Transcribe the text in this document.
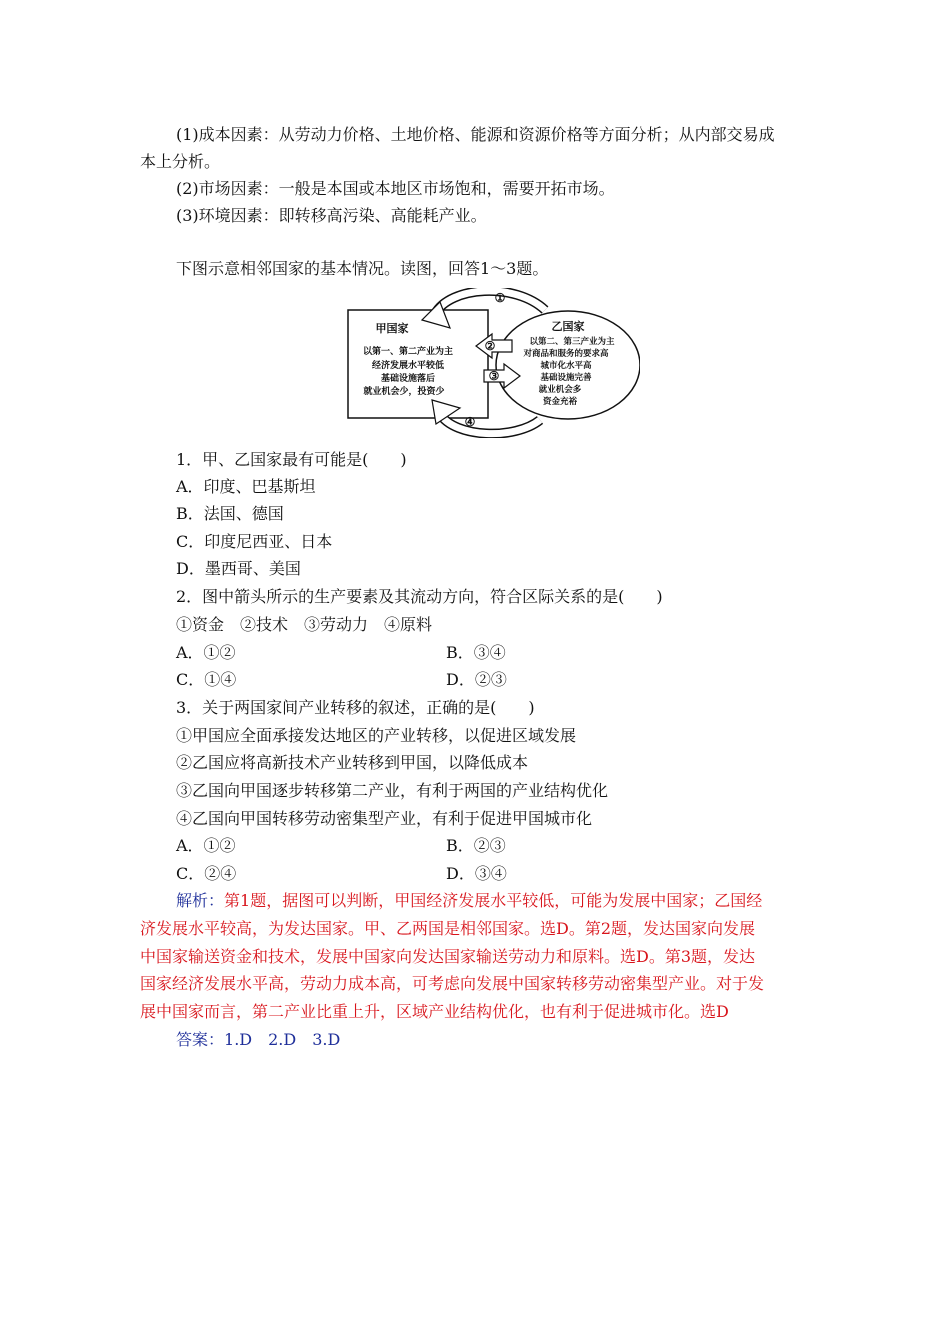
(1)成本因素：从劳动力价格、土地价格、能源和资源价格等方面分析；从内部交易成
本上分析。
(2)市场因素：一般是本国或本地区市场饱和，需要开拓市场。
(3)环境因素：即转移高污染、高能耗产业。
下图示意相邻国家的基本情况。读图，回答1～3题。
①
②
③
④
甲国家
以第一、第二产业为主
经济发展水平较低
基础设施落后
就业机会少，投资少
乙国家
以第二、第三产业为主
对商品和服务的要求高
城市化水平高
基础设施完善
就业机会多
资金充裕
1．甲、乙国家最有可能是(　　)
A．印度、巴基斯坦
B．法国、德国
C．印度尼西亚、日本
D．墨西哥、美国
2．图中箭头所示的生产要素及其流动方向，符合区际关系的是(　　)
①资金　②技术　③劳动力　④原料
A．①②	B．③④
C．①④	D．②③
3．关于两国家间产业转移的叙述，正确的是(　　)
①甲国应全面承接发达地区的产业转移，以促进区域发展
②乙国应将高新技术产业转移到甲国，以降低成本
③乙国向甲国逐步转移第二产业，有利于两国的产业结构优化
④乙国向甲国转移劳动密集型产业，有利于促进甲国城市化
A．①②	B．②③
C．②④	D．③④
解析：第1题，据图可以判断，甲国经济发展水平较低，可能为发展中国家；乙国经
济发展水平较高，为发达国家。甲、乙两国是相邻国家。选D。第2题，发达国家向发展
中国家输送资金和技术，发展中国家向发达国家输送劳动力和原料。选D。第3题，发达
国家经济发展水平高，劳动力成本高，可考虑向发展中国家转移劳动密集型产业。对于发
展中国家而言，第二产业比重上升，区域产业结构优化，也有利于促进城市化。选D
答案：1.D　2.D　3.D
